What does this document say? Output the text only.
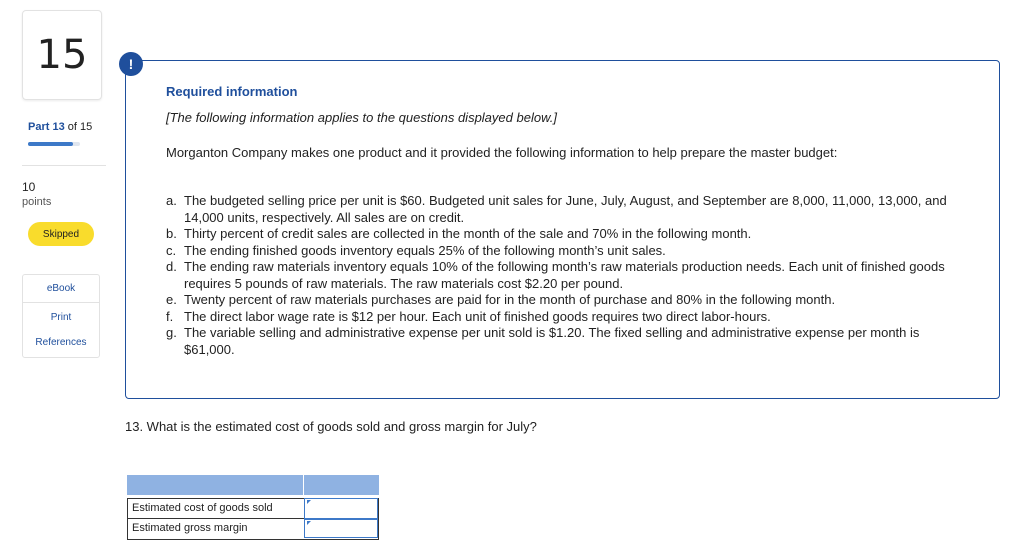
15
Part 13 of 15
10
points
Skipped
eBook
Print
References
Required information
[The following information applies to the questions displayed below.]
Morganton Company makes one product and it provided the following information to help prepare the master budget:
a. The budgeted selling price per unit is $60. Budgeted unit sales for June, July, August, and September are 8,000, 11,000, 13,000, and 14,000 units, respectively. All sales are on credit.
b. Thirty percent of credit sales are collected in the month of the sale and 70% in the following month.
c. The ending finished goods inventory equals 25% of the following month’s unit sales.
d. The ending raw materials inventory equals 10% of the following month’s raw materials production needs. Each unit of finished goods requires 5 pounds of raw materials. The raw materials cost $2.20 per pound.
e. Twenty percent of raw materials purchases are paid for in the month of purchase and 80% in the following month.
f. The direct labor wage rate is $12 per hour. Each unit of finished goods requires two direct labor-hours.
g. The variable selling and administrative expense per unit sold is $1.20. The fixed selling and administrative expense per month is $61,000.
!
13. What is the estimated cost of goods sold and gross margin for July?
Estimated cost of goods sold
Estimated gross margin
